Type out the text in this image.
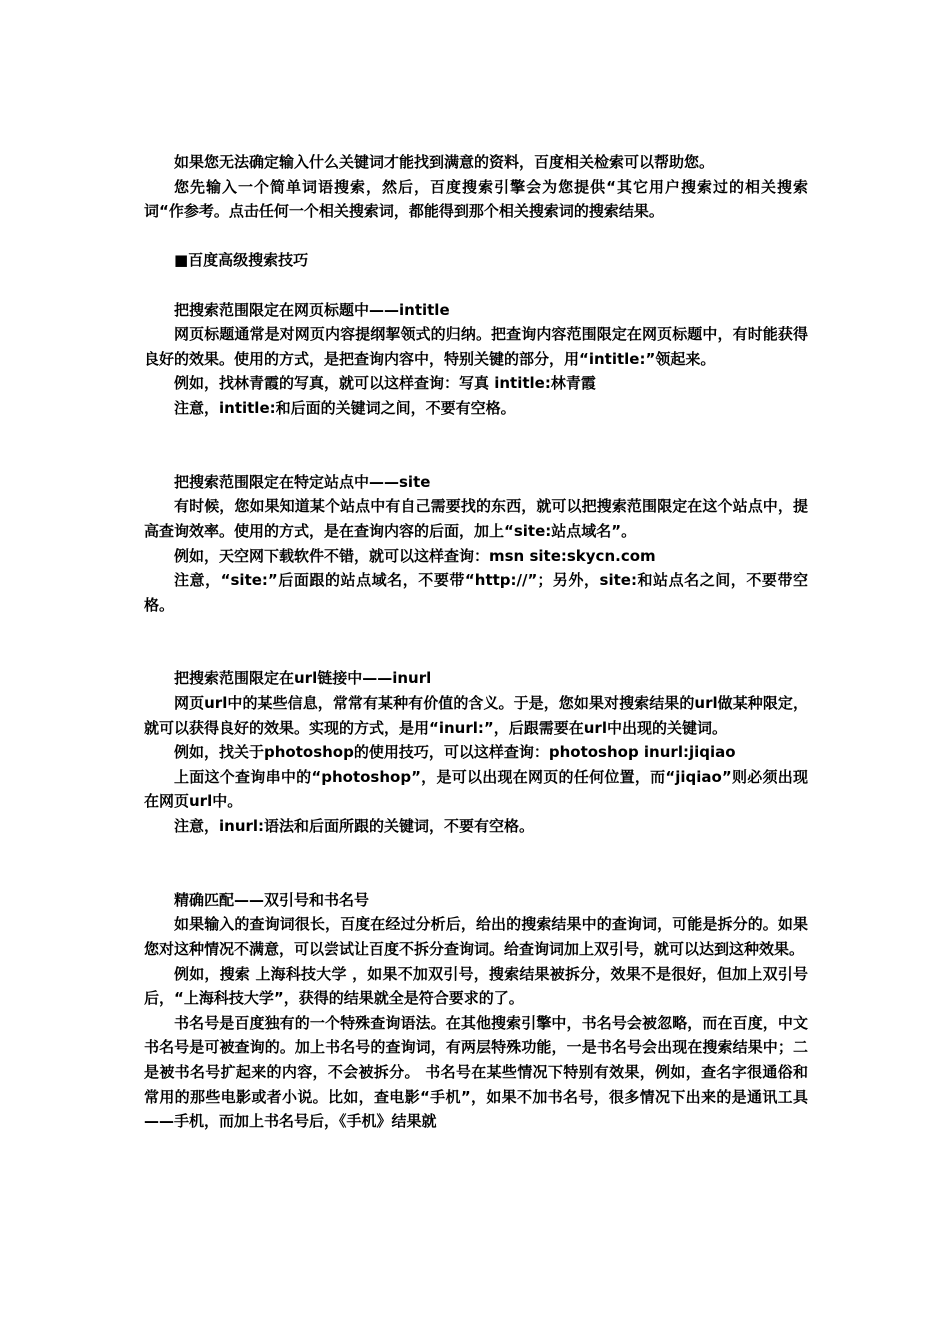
如果您无法确定输入什么关键词才能找到满意的资料，百度相关检索可以帮助您。

您先输入一个简单词语搜索，然后，百度搜索引擎会为您提供“其它用户搜索过的相关搜索词“作参考。点击任何一个相关搜索词，都能得到那个相关搜索词的搜索结果。

■百度高级搜索技巧

把搜索范围限定在网页标题中——intitle

网页标题通常是对网页内容提纲挈领式的归纳。把查询内容范围限定在网页标题中，有时能获得良好的效果。使用的方式，是把查询内容中，特别关键的部分，用“intitle:”领起来。

例如，找林青霞的写真，就可以这样查询：写真 intitle:林青霞

注意，intitle:和后面的关键词之间，不要有空格。

把搜索范围限定在特定站点中——site

有时候，您如果知道某个站点中有自己需要找的东西，就可以把搜索范围限定在这个站点中，提高查询效率。使用的方式，是在查询内容的后面，加上“site:站点域名”。

例如，天空网下载软件不错，就可以这样查询：msn site:skycn.com

注意，“site:”后面跟的站点域名，不要带“http://”；另外，site:和站点名之间，不要带空格。

把搜索范围限定在url链接中——inurl

网页url中的某些信息，常常有某种有价值的含义。于是，您如果对搜索结果的url做某种限定，就可以获得良好的效果。实现的方式，是用“inurl:”，后跟需要在url中出现的关键词。

例如，找关于photoshop的使用技巧，可以这样查询：photoshop inurl:jiqiao

上面这个查询串中的“photoshop”，是可以出现在网页的任何位置，而“jiqiao”则必须出现在网页url中。

注意，inurl:语法和后面所跟的关键词，不要有空格。

精确匹配——双引号和书名号

如果输入的查询词很长，百度在经过分析后，给出的搜索结果中的查询词，可能是拆分的。如果您对这种情况不满意，可以尝试让百度不拆分查询词。给查询词加上双引号，就可以达到这种效果。

例如，搜索 上海科技大学 ，如果不加双引号，搜索结果被拆分，效果不是很好，但加上双引号后，“上海科技大学”，获得的结果就全是符合要求的了。

书名号是百度独有的一个特殊查询语法。在其他搜索引擎中，书名号会被忽略，而在百度，中文书名号是可被查询的。加上书名号的查询词，有两层特殊功能，一是书名号会出现在搜索结果中；二是被书名号扩起来的内容，不会被拆分。 书名号在某些情况下特别有效果，例如，查名字很通俗和常用的那些电影或者小说。比如，查电影“手机”，如果不加书名号，很多情况下出来的是通讯工具——手机，而加上书名号后，《手机》结果就
